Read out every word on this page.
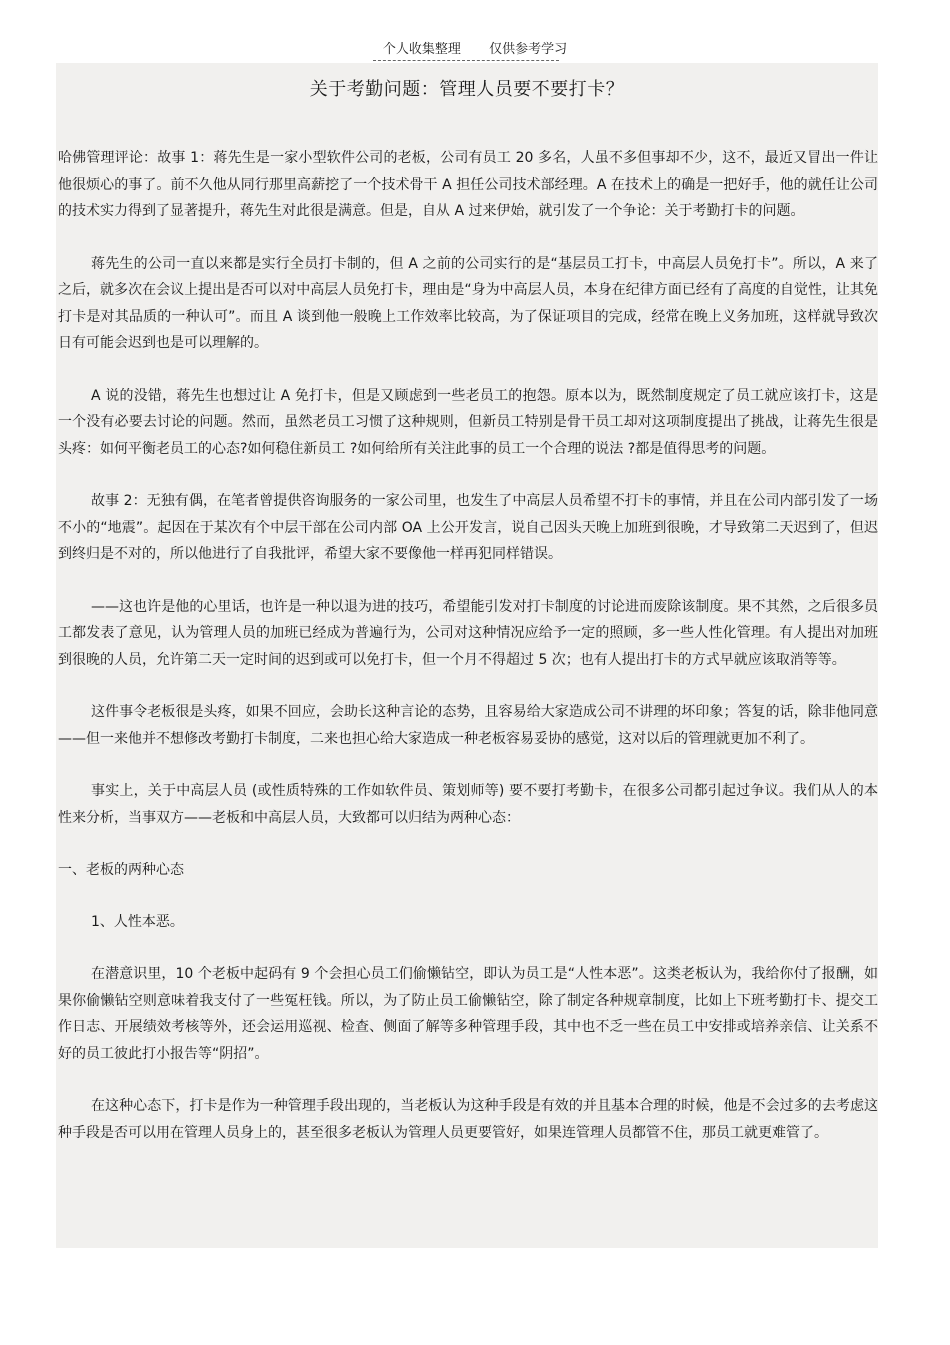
个人收集整理 仅供参考学习
关于考勤问题：管理人员要不要打卡？

哈佛管理评论：故事 1：蒋先生是一家小型软件公司的老板，公司有员工 20 多名，人虽不多但事却不少，这不，最近又冒出一件让他很烦心的事了。前不久他从同行那里高薪挖了一个技术骨干 A 担任公司技术部经理。A 在技术上的确是一把好手，他的就任让公司的技术实力得到了显著提升，蒋先生对此很是满意。但是，自从 A 过来伊始，就引发了一个争论：关于考勤打卡的问题。

蒋先生的公司一直以来都是实行全员打卡制的，但 A 之前的公司实行的是“基层员工打卡，中高层人员免打卡”。所以，A 来了之后，就多次在会议上提出是否可以对中高层人员免打卡，理由是“身为中高层人员，本身在纪律方面已经有了高度的自觉性，让其免打卡是对其品质的一种认可”。而且 A 谈到他一般晚上工作效率比较高，为了保证项目的完成，经常在晚上义务加班，这样就导致次日有可能会迟到也是可以理解的。

A 说的没错，蒋先生也想过让 A 免打卡，但是又顾虑到一些老员工的抱怨。原本以为，既然制度规定了员工就应该打卡，这是一个没有必要去讨论的问题。然而，虽然老员工习惯了这种规则，但新员工特别是骨干员工却对这项制度提出了挑战，让蒋先生很是头疼：如何平衡老员工的心态?如何稳住新员工 ?如何给所有关注此事的员工一个合理的说法 ?都是值得思考的问题。

故事 2：无独有偶，在笔者曾提供咨询服务的一家公司里，也发生了中高层人员希望不打卡的事情，并且在公司内部引发了一场不小的“地震”。起因在于某次有个中层干部在公司内部 OA 上公开发言，说自己因头天晚上加班到很晚，才导致第二天迟到了，但迟到终归是不对的，所以他进行了自我批评，希望大家不要像他一样再犯同样错误。

——这也许是他的心里话，也许是一种以退为进的技巧，希望能引发对打卡制度的讨论进而废除该制度。果不其然，之后很多员工都发表了意见，认为管理人员的加班已经成为普遍行为，公司对这种情况应给予一定的照顾，多一些人性化管理。有人提出对加班到很晚的人员，允许第二天一定时间的迟到或可以免打卡，但一个月不得超过 5 次；也有人提出打卡的方式早就应该取消等等。

这件事令老板很是头疼，如果不回应，会助长这种言论的态势，且容易给大家造成公司不讲理的坏印象；答复的话，除非他同意——但一来他并不想修改考勤打卡制度，二来也担心给大家造成一种老板容易妥协的感觉，这对以后的管理就更加不利了。

事实上，关于中高层人员 (或性质特殊的工作如软件员、策划师等) 要不要打考勤卡，在很多公司都引起过争议。我们从人的本性来分析，当事双方——老板和中高层人员，大致都可以归结为两种心态：

一、老板的两种心态

1、人性本恶。

在潜意识里，10 个老板中起码有 9 个会担心员工们偷懒钻空，即认为员工是“人性本恶”。这类老板认为，我给你付了报酬，如果你偷懒钻空则意味着我支付了一些冤枉钱。所以，为了防止员工偷懒钻空，除了制定各种规章制度，比如上下班考勤打卡、提交工作日志、开展绩效考核等外，还会运用巡视、检查、侧面了解等多种管理手段，其中也不乏一些在员工中安排或培养亲信、让关系不好的员工彼此打小报告等“阴招”。

在这种心态下，打卡是作为一种管理手段出现的，当老板认为这种手段是有效的并且基本合理的时候，他是不会过多的去考虑这种手段是否可以用在管理人员身上的，甚至很多老板认为管理人员更要管好，如果连管理人员都管不住，那员工就更难管了。
